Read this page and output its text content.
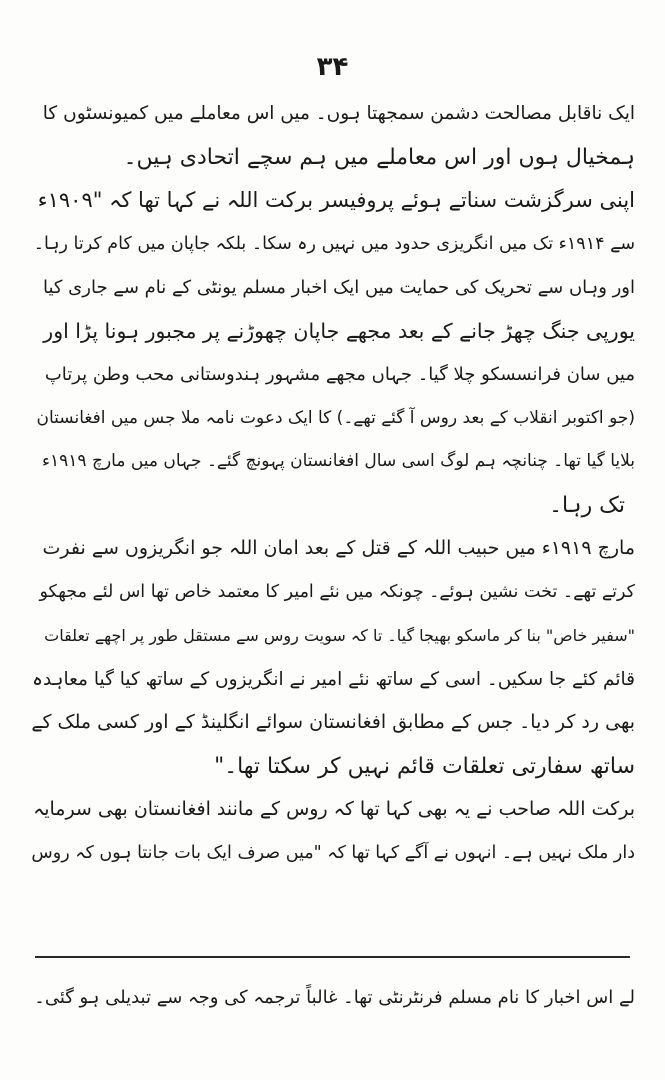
۳۴
ایک ناقابل مصالحت دشمن سمجھتا ہوں۔ میں اس معاملے میں کمیونسٹوں کا
ہمخیال ہوں اور اس معاملے میں ہم سچے اتحادی ہیں۔
اپنی سرگزشت سناتے ہوئے پروفیسر برکت اللہ نے کہا تھا کہ "۱۹۰۹ء
سے ۱۹۱۴ء تک میں انگریزی حدود میں نہیں رہ سکا۔ بلکہ جاپان میں کام کرتا رہا۔
اور وہاں سے تحریک کی حمایت میں ایک اخبار مسلم یونٹی کے نام سے جاری کیا
یورپی جنگ چھڑ جانے کے بعد مجھے جاپان چھوڑنے پر مجبور ہونا پڑا اور
میں سان فرانسسکو چلا گیا۔ جہاں مجھے مشہور ہندوستانی محب وطن پرتاپ
(جو اکتوبر انقلاب کے بعد روس آ گئے تھے۔) کا ایک دعوت نامہ ملا جس میں افغانستان
بلایا گیا تھا۔ چنانچہ ہم لوگ اسی سال افغانستان پہونچ گئے۔ جہاں میں مارچ ۱۹۱۹ء
تک رہا۔
مارچ ۱۹۱۹ء میں حبیب اللہ کے قتل کے بعد امان اللہ جو انگریزوں سے نفرت
کرتے تھے۔ تخت نشین ہوئے۔ چونکہ میں نئے امیر کا معتمد خاص تھا اس لئے مجھکو
"سفیر خاص" بنا کر ماسکو بھیجا گیا۔ تا کہ سویت روس سے مستقل طور پر اچھے تعلقات
قائم کئے جا سکیں۔ اسی کے ساتھ نئے امیر نے انگریزوں کے ساتھ کیا گیا معاہدہ
بھی رد کر دیا۔ جس کے مطابق افغانستان سوائے انگلینڈ کے اور کسی ملک کے
ساتھ سفارتی تعلقات قائم نہیں کر سکتا تھا۔"
برکت اللہ صاحب نے یہ بھی کہا تھا کہ روس کے مانند افغانستان بھی سرمایہ
دار ملک نہیں ہے۔ انہوں نے آگے کہا تھا کہ "میں صرف ایک بات جانتا ہوں کہ روس
لے اس اخبار کا نام مسلم فرنٹرنٹی تھا۔ غالباً ترجمہ کی وجہ سے تبدیلی ہو گئی۔
